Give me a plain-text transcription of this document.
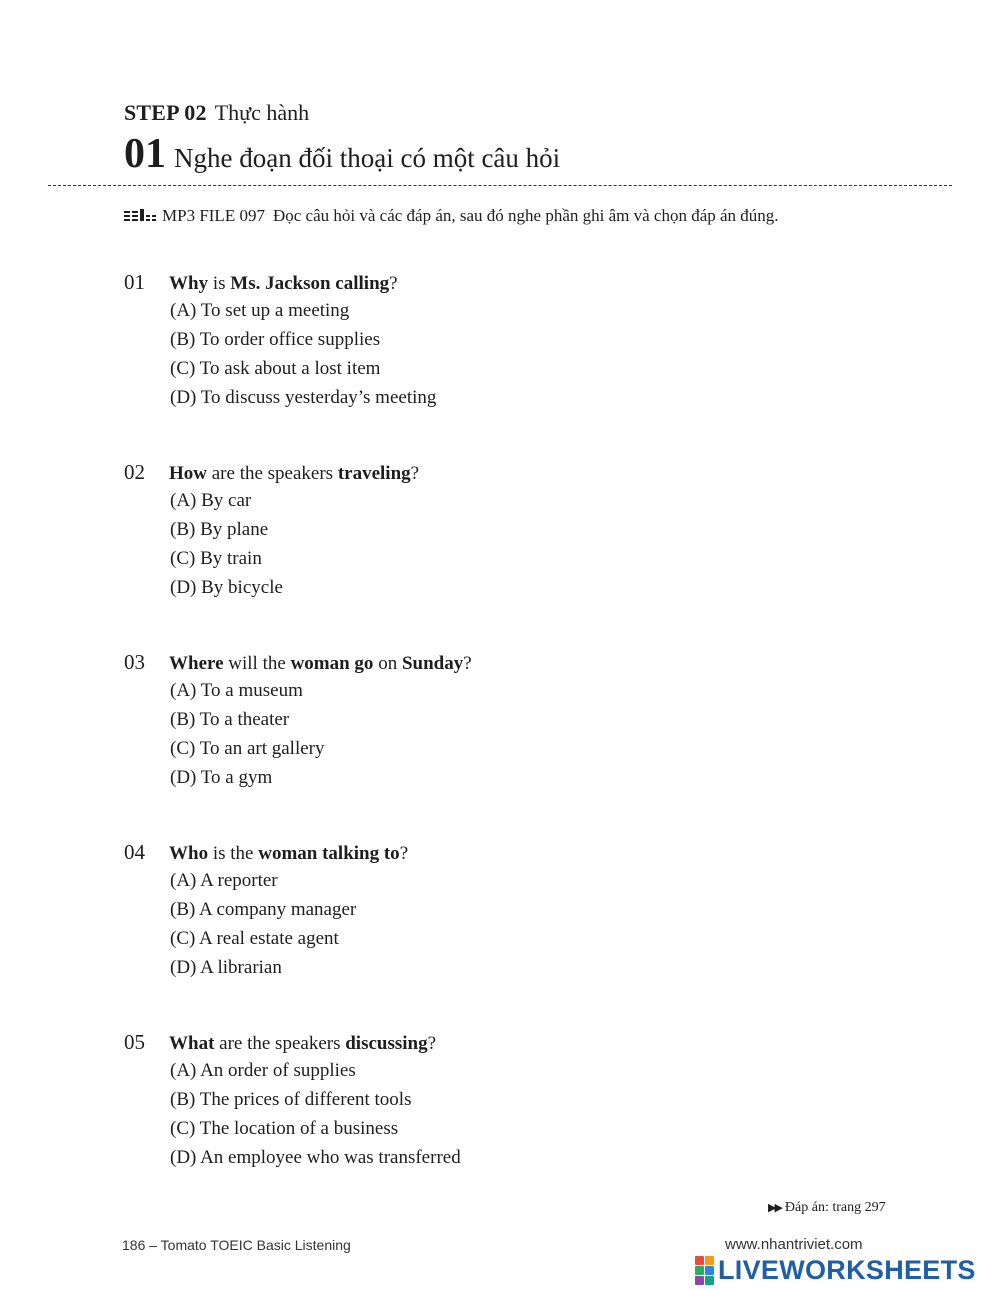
STEP 02 Thực hành
01 Nghe đoạn đối thoại có một câu hỏi
MP3 FILE 097 Đọc câu hỏi và các đáp án, sau đó nghe phần ghi âm và chọn đáp án đúng.
01 Why is Ms. Jackson calling?
(A) To set up a meeting
(B) To order office supplies
(C) To ask about a lost item
(D) To discuss yesterday’s meeting
02 How are the speakers traveling?
(A) By car
(B) By plane
(C) By train
(D) By bicycle
03 Where will the woman go on Sunday?
(A) To a museum
(B) To a theater
(C) To an art gallery
(D) To a gym
04 Who is the woman talking to?
(A) A reporter
(B) A company manager
(C) A real estate agent
(D) A librarian
05 What are the speakers discussing?
(A) An order of supplies
(B) The prices of different tools
(C) The location of a business
(D) An employee who was transferred
▶▶ Đáp án: trang 297
186 – Tomato TOEIC Basic Listening	www.nhantriviet.com
LIVEWORKSHEETS
